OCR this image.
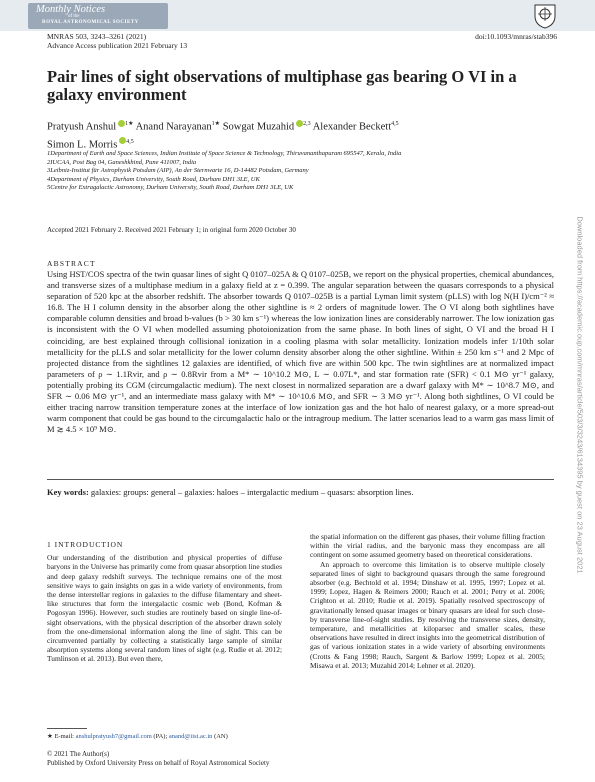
Monthly Notices
of the
ROYAL ASTRONOMICAL SOCIETY
MNRAS 503, 3243–3261 (2021)
Advance Access publication 2021 February 13
doi:10.1093/mnras/stab396
Pair lines of sight observations of multiphase gas bearing O VI in a galaxy environment
Pratyush Anshul $^{1★}$ Anand Narayanan$^{1★}$ Sowgat Muzahid $^{2,3}$ Alexander Beckett$^{4,5}$
Simon L. Morris $^{4,5}$
1Department of Earth and Space Sciences, Indian Institute of Space Science & Technology, Thiruvananthapuram 695547, Kerala, India
2IUCAA, Post Bag 04, Ganeshkhind, Pune 411007, India
3Leibniz-Institut für Astrophysik Potsdam (AIP), An der Sternwarte 16, D-14482 Potsdam, Germany
4Department of Physics, Durham University, South Road, Durham DH1 3LE, UK
5Centre for Extragalactic Astronomy, Durham University, South Road, Durham DH1 3LE, UK
Accepted 2021 February 2. Received 2021 February 1; in original form 2020 October 30
ABSTRACT

Using HST/COS spectra of the twin quasar lines of sight Q 0107–025A & Q 0107–025B, we report on the physical properties, chemical abundances, and transverse sizes of a multiphase medium in a galaxy field at z = 0.399. The angular separation between the quasars corresponds to a physical separation of 520 kpc at the absorber redshift. The absorber towards Q 0107–025B is a partial Lyman limit system (pLLS) with log N(H I)/cm⁻² ≈ 16.8. The H I column density in the absorber along the other sightline is ≈ 2 orders of magnitude lower. The O VI along both sightlines have comparable column densities and broad b-values (b > 30 km s⁻¹) whereas the low ionization lines are considerably narrower. The low ionization gas is inconsistent with the O VI when modelled assuming photoionization from the same phase. In both lines of sight, O VI and the broad H I coinciding, are best explained through collisional ionization in a cooling plasma with solar metallicity. Ionization models infer 1/10th solar metallicity for the pLLS and solar metallicity for the lower column density absorber along the other sightline. Within ± 250 km s⁻¹ and 2 Mpc of projected distance from the sightlines 12 galaxies are identified, of which five are within 500 kpc. The twin sightlines are at normalized impact parameters of ρ ∼ 1.1Rvir, and ρ ∼ 0.8Rvir from a M* ∼ 10^10.2 M⊙, L ∼ 0.07L*, and star formation rate (SFR) < 0.1 M⊙ yr⁻¹ galaxy, potentially probing its CGM (circumgalactic medium). The next closest in normalized separation are a dwarf galaxy with M* ∼ 10^8.7 M⊙, and SFR ∼ 0.06 M⊙ yr⁻¹, and an intermediate mass galaxy with M* ∼ 10^10.6 M⊙, and SFR ∼ 3 M⊙ yr⁻¹. Along both sightlines, O VI could be either tracing narrow transition temperature zones at the interface of low ionization gas and the hot halo of nearest galaxy, or a more spread-out warm component that could be gas bound to the circumgalactic halo or the intragroup medium. The latter scenarios lead to a warm gas mass limit of M ≳ 4.5 × 10⁹ M⊙.

Key words: galaxies: groups: general – galaxies: haloes – intergalactic medium – quasars: absorption lines.
1 INTRODUCTION

Our understanding of the distribution and physical properties of diffuse baryons in the Universe has primarily come from quasar absorption line studies and deep galaxy redshift surveys. The technique remains one of the most sensitive ways to gain insights on gas in a wide variety of environments, from the dense interstellar regions in galaxies to the diffuse filamentary and sheet-like structures that form the intergalactic cosmic web (Bond, Kofman & Pogosyan 1996). However, such studies are routinely based on single line-of-sight observations, with the physical description of the absorber drawn solely from the one-dimensional information along the line of sight. This can be circumvented partially by collecting a statistically large sample of similar absorption systems along several random lines of sight (e.g. Rudie et al. 2012; Tumlinson et al. 2013). But even there,

the spatial information on the different gas phases, their volume filling fraction within the virial radius, and the baryonic mass they encompass are all contingent on some assumed geometry based on theoretical considerations.

An approach to overcome this limitation is to observe multiple closely separated lines of sight to background quasars through the same foreground absorber (e.g. Bechtold et al. 1994; Dinshaw et al. 1995, 1997; Lopez et al. 1999; Lopez, Hagen & Reimers 2000; Rauch et al. 2001; Petry et al. 2006; Crighton et al. 2010; Rudie et al. 2019). Spatially resolved spectroscopy of gravitationally lensed quasar images or binary quasars are ideal for such close-by transverse line-of-sight studies. By resolving the transverse sizes, density, temperature, and metallicities at kiloparsec and smaller scales, these observations have resulted in direct insights into the geometrical distribution of gas of various ionization states in a wide variety of absorbing environments (Crotts & Fang 1998; Rauch, Sargent & Barlow 1999; Lopez et al. 2005; Misawa et al. 2013; Muzahid 2014; Lehner et al. 2020).

★ E-mail: anshulpratyush7@gmail.com (PA); anand@iist.ac.in (AN)
© 2021 The Author(s)
Published by Oxford University Press on behalf of Royal Astronomical Society
Downloaded from https://academic.oup.com/mnras/article/503/3/3243/6134395 by guest on 23 August 2021
